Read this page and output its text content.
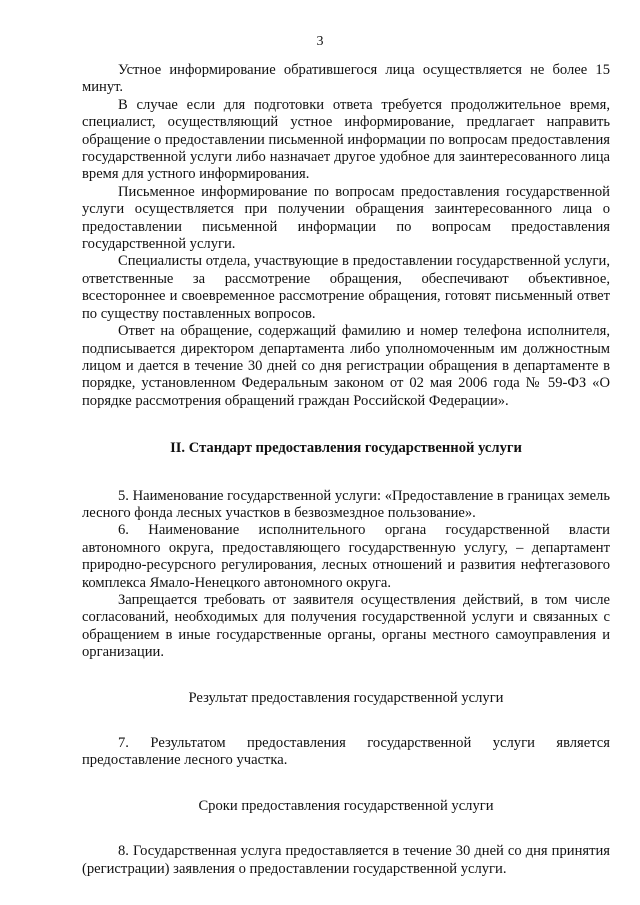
3

Устное информирование обратившегося лица осуществляется не более 15 минут.

В случае если для подготовки ответа требуется продолжительное время, специалист, осуществляющий устное информирование, предлагает направить обращение о предоставлении письменной информации по вопросам предоставления государственной услуги либо назначает другое удобное для заинтересованного лица время для устного информирования.

Письменное информирование по вопросам предоставления государственной услуги осуществляется при получении обращения заинтересованного лица о предоставлении письменной информации по вопросам предоставления государственной услуги.

Специалисты отдела, участвующие в предоставлении государственной услуги, ответственные за рассмотрение обращения, обеспечивают объективное, всестороннее и своевременное рассмотрение обращения, готовят письменный ответ по существу поставленных вопросов.

Ответ на обращение, содержащий фамилию и номер телефона исполнителя, подписывается директором департамента либо уполномоченным им должностным лицом и дается в течение 30 дней со дня регистрации обращения в департаменте в порядке, установленном Федеральным законом от 02 мая 2006 года № 59-ФЗ «О порядке рассмотрения обращений граждан Российской Федерации».

II. Стандарт предоставления государственной услуги

5. Наименование государственной услуги: «Предоставление в границах земель лесного фонда лесных участков в безвозмездное пользование».

6. Наименование исполнительного органа государственной власти автономного округа, предоставляющего государственную услугу, – департамент природно-ресурсного регулирования, лесных отношений и развития нефтегазового комплекса Ямало-Ненецкого автономного округа.

Запрещается требовать от заявителя осуществления действий, в том числе согласований, необходимых для получения государственной услуги и связанных с обращением в иные государственные органы, органы местного самоуправления и организации.

Результат предоставления государственной услуги

7. Результатом предоставления государственной услуги является предоставление лесного участка.

Сроки предоставления государственной услуги

8. Государственная услуга предоставляется в течение 30 дней со дня принятия (регистрации) заявления о предоставлении государственной услуги.
